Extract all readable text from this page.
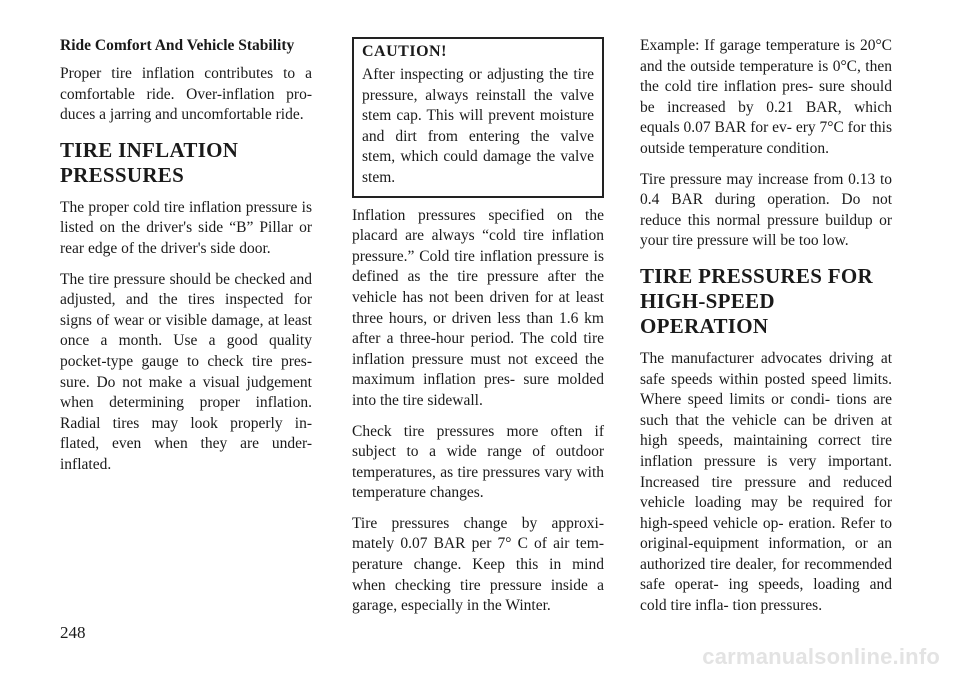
Ride Comfort And Vehicle Stability

Proper tire inflation contributes to a comfortable ride. Over-inflation pro- duces a jarring and uncomfortable ride.

TIRE INFLATION PRESSURES

The proper cold tire inflation pressure is listed on the driver's side “B” Pillar or rear edge of the driver's side door.

The tire pressure should be checked and adjusted, and the tires inspected for signs of wear or visible damage, at least once a month. Use a good quality pocket-type gauge to check tire pres- sure. Do not make a visual judgement when determining proper inflation. Radial tires may look properly in- flated, even when they are under- inflated.

CAUTION!

After inspecting or adjusting the tire pressure, always reinstall the valve stem cap. This will prevent moisture and dirt from entering the valve stem, which could damage the valve stem.

Inflation pressures specified on the placard are always “cold tire inflation pressure.” Cold tire inflation pressure is defined as the tire pressure after the vehicle has not been driven for at least three hours, or driven less than 1.6 km after a three-hour period. The cold tire inflation pressure must not exceed the maximum inflation pres- sure molded into the tire sidewall.

Check tire pressures more often if subject to a wide range of outdoor temperatures, as tire pressures vary with temperature changes.

Tire pressures change by approxi- mately 0.07 BAR per 7° C of air tem- perature change. Keep this in mind when checking tire pressure inside a garage, especially in the Winter.

Example: If garage temperature is 20°C and the outside temperature is 0°C, then the cold tire inflation pres- sure should be increased by 0.21 BAR, which equals 0.07 BAR for ev- ery 7°C for this outside temperature condition.

Tire pressure may increase from 0.13 to 0.4 BAR during operation. Do not reduce this normal pressure buildup or your tire pressure will be too low.

TIRE PRESSURES FOR HIGH-SPEED OPERATION

The manufacturer advocates driving at safe speeds within posted speed limits. Where speed limits or condi- tions are such that the vehicle can be driven at high speeds, maintaining correct tire inflation pressure is very important. Increased tire pressure and reduced vehicle loading may be required for high-speed vehicle op- eration. Refer to original-equipment information, or an authorized tire dealer, for recommended safe operat- ing speeds, loading and cold tire infla- tion pressures.

248
carmanualsonline.info
